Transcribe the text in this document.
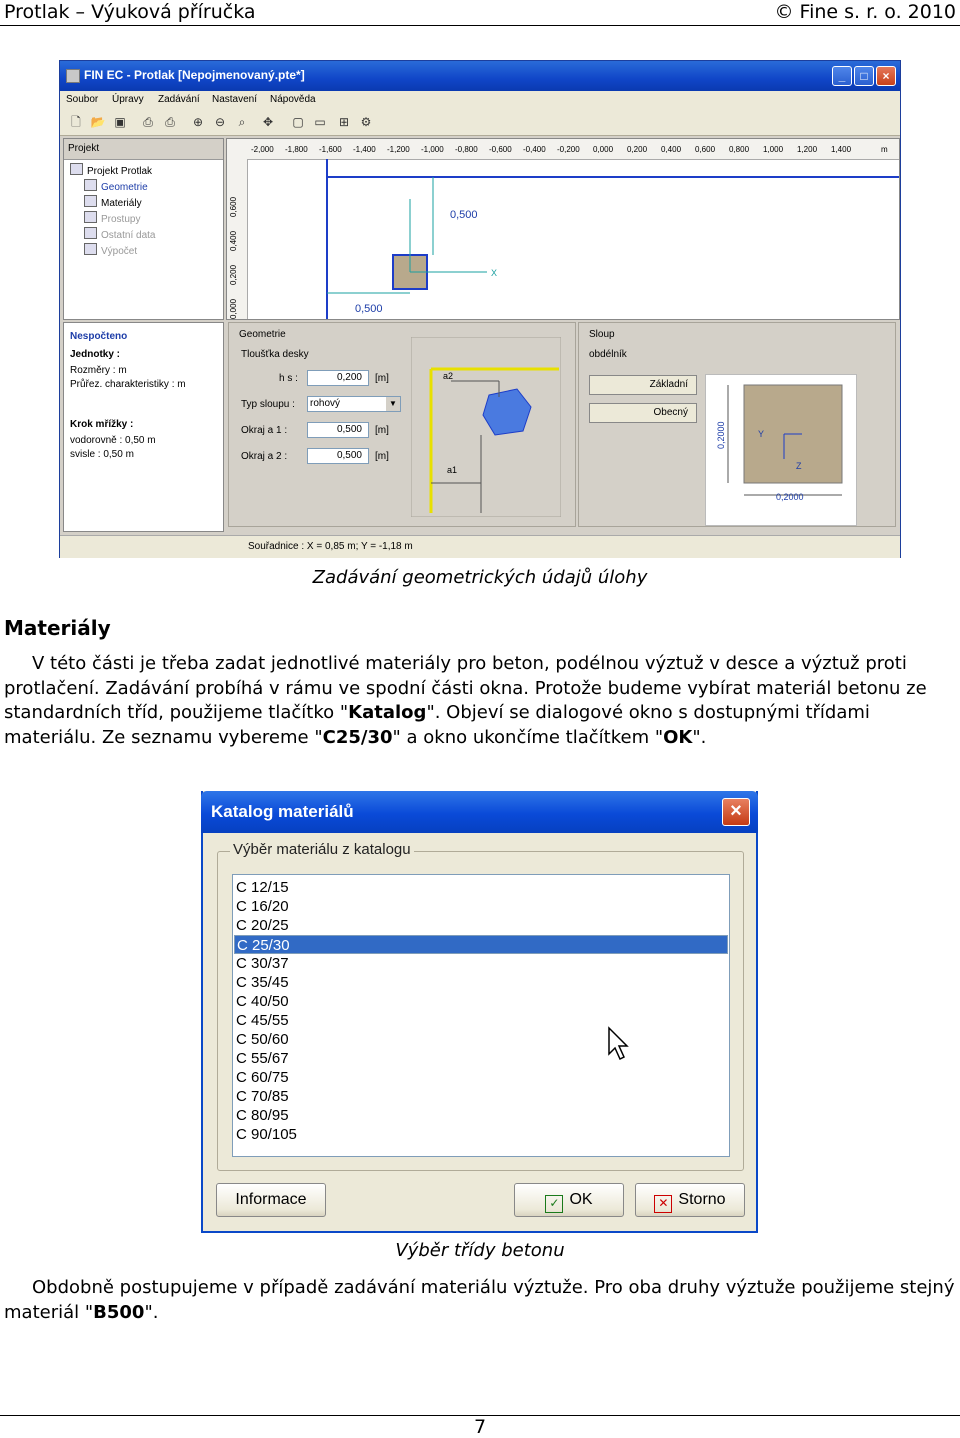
Protlak – Výuková příručka	© Fine s. r. o. 2010
FIN EC - Protlak [Nepojmenovaný.pte*]	_	□	×
Soubor Úpravy Zadávání Nastavení Nápověda
🗋 📂 ▣ ⎙ ⎙ ⊕ ⊖	⌕	✥ ▢ ▭ ⊞ ⚙
Projekt
Projekt Protlak
Geometrie
Materiály
Prostupy
Ostatní data
Výpočet
-2,000 -1,800 -1,600 -1,400 -1,200 -1,000 -0,800 -0,600 -0,400 -0,200 0,000 0,200 0,400 0,600 0,800 1,000 1,200 1,400	m
0,600
0,400
0,200
0,000
0,500
0,500
X
Nespočteno
Jednotky :
Rozměry : m
Průřez. charakteristiky : m
Krok mřížky :
vodorovně : 0,50 m
svisle : 0,50 m
Geometrie
Tloušťka desky
h s :	0,200	[m]
Typ sloupu :	rohový	▼
Okraj a 1 :	0,500	[m]
Okraj a 2 :	0,500	[m]
a2
a1
Sloup
obdélník
Základní
Obecný
Y
Z
0,2000
0,2000
Souřadnice : X = 0,85 m; Y = -1,18 m
Zadávání geometrických údajů úlohy
Materiály
V této části je třeba zadat jednotlivé materiály pro beton, podélnou výztuž v desce a výztuž proti protlačení. Zadávání probíhá v rámu ve spodní části okna. Protože budeme vybírat materiál betonu ze standardních tříd, použijeme tlačítko "Katalog". Objeví se dialogové okno s dostupnými třídami materiálu. Ze seznamu vybereme "C25/30" a okno ukončíme tlačítkem "OK".
Katalog materiálů	×
Výběr materiálu z katalogu
C 12/15
C 16/20
C 20/25
C 25/30
C 30/37
C 35/45
C 40/50
C 45/55
C 50/60
C 55/67
C 60/75
C 70/85
C 80/95
C 90/105
Informace	✓ OK	✕ Storno
Výběr třídy betonu
Obdobně postupujeme v případě zadávání materiálu výztuže. Pro oba druhy výztuže použijeme stejný materiál "B500".
7
